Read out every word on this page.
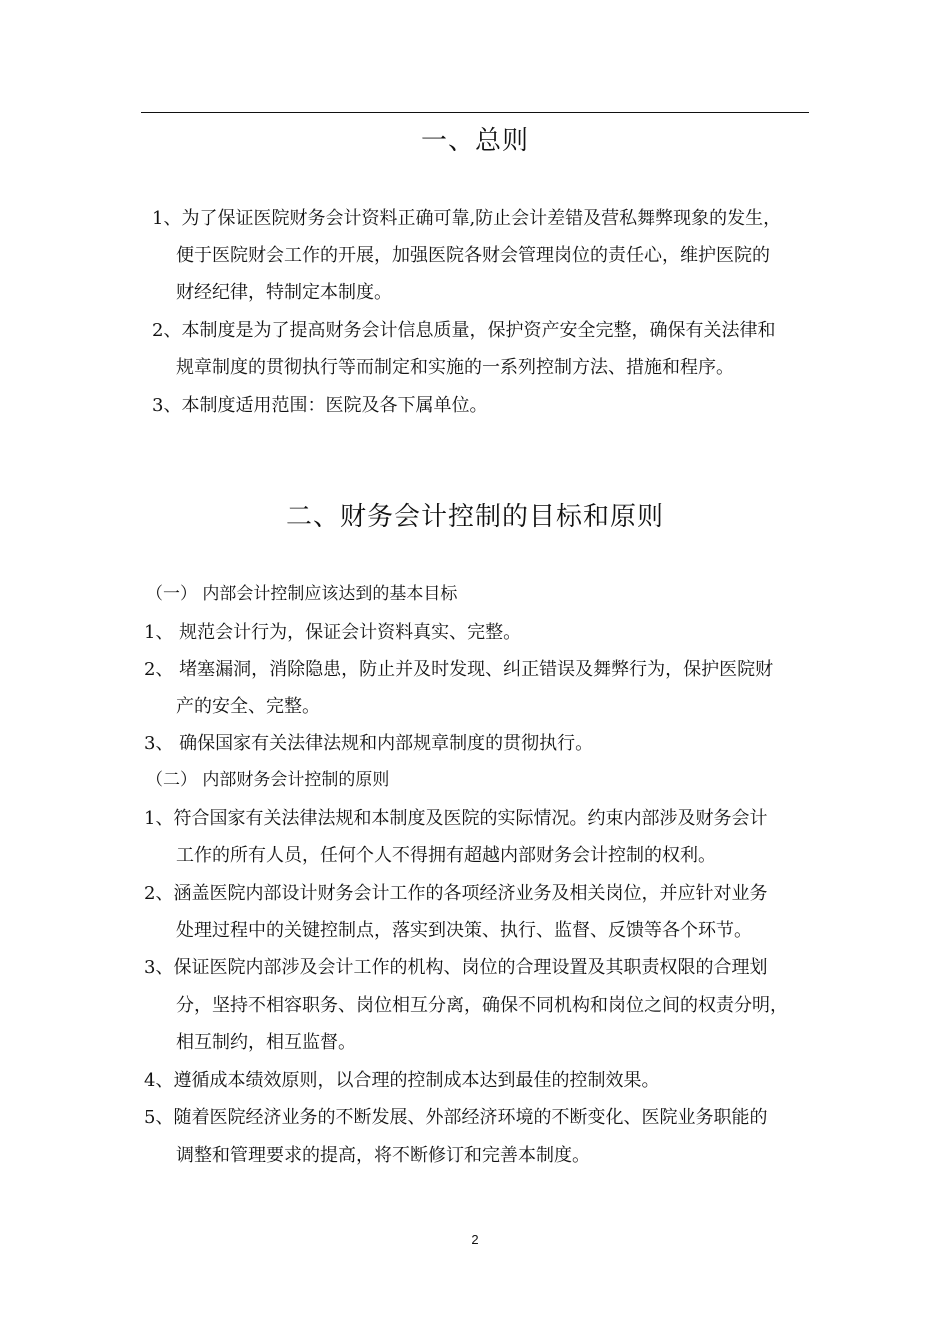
一、总则

1、为了保证医院财务会计资料正确可靠,防止会计差错及营私舞弊现象的发生，

便于医院财会工作的开展，加强医院各财会管理岗位的责任心，维护医院的

财经纪律，特制定本制度。

2、本制度是为了提高财务会计信息质量，保护资产安全完整，确保有关法律和

规章制度的贯彻执行等而制定和实施的一系列控制方法、措施和程序。

3、本制度适用范围：医院及各下属单位。

二、财务会计控制的目标和原则

（一） 内部会计控制应该达到的基本目标

1、 规范会计行为，保证会计资料真实、完整。

2、 堵塞漏洞，消除隐患，防止并及时发现、纠正错误及舞弊行为，保护医院财

产的安全、完整。

3、 确保国家有关法律法规和内部规章制度的贯彻执行。

（二） 内部财务会计控制的原则

1、符合国家有关法律法规和本制度及医院的实际情况。约束内部涉及财务会计

工作的所有人员，任何个人不得拥有超越内部财务会计控制的权利。

2、涵盖医院内部设计财务会计工作的各项经济业务及相关岗位，并应针对业务

处理过程中的关键控制点，落实到决策、执行、监督、反馈等各个环节。

3、保证医院内部涉及会计工作的机构、岗位的合理设置及其职责权限的合理划

分，坚持不相容职务、岗位相互分离，确保不同机构和岗位之间的权责分明，

相互制约，相互监督。

4、遵循成本绩效原则，以合理的控制成本达到最佳的控制效果。

5、随着医院经济业务的不断发展、外部经济环境的不断变化、医院业务职能的

调整和管理要求的提高，将不断修订和完善本制度。

2
